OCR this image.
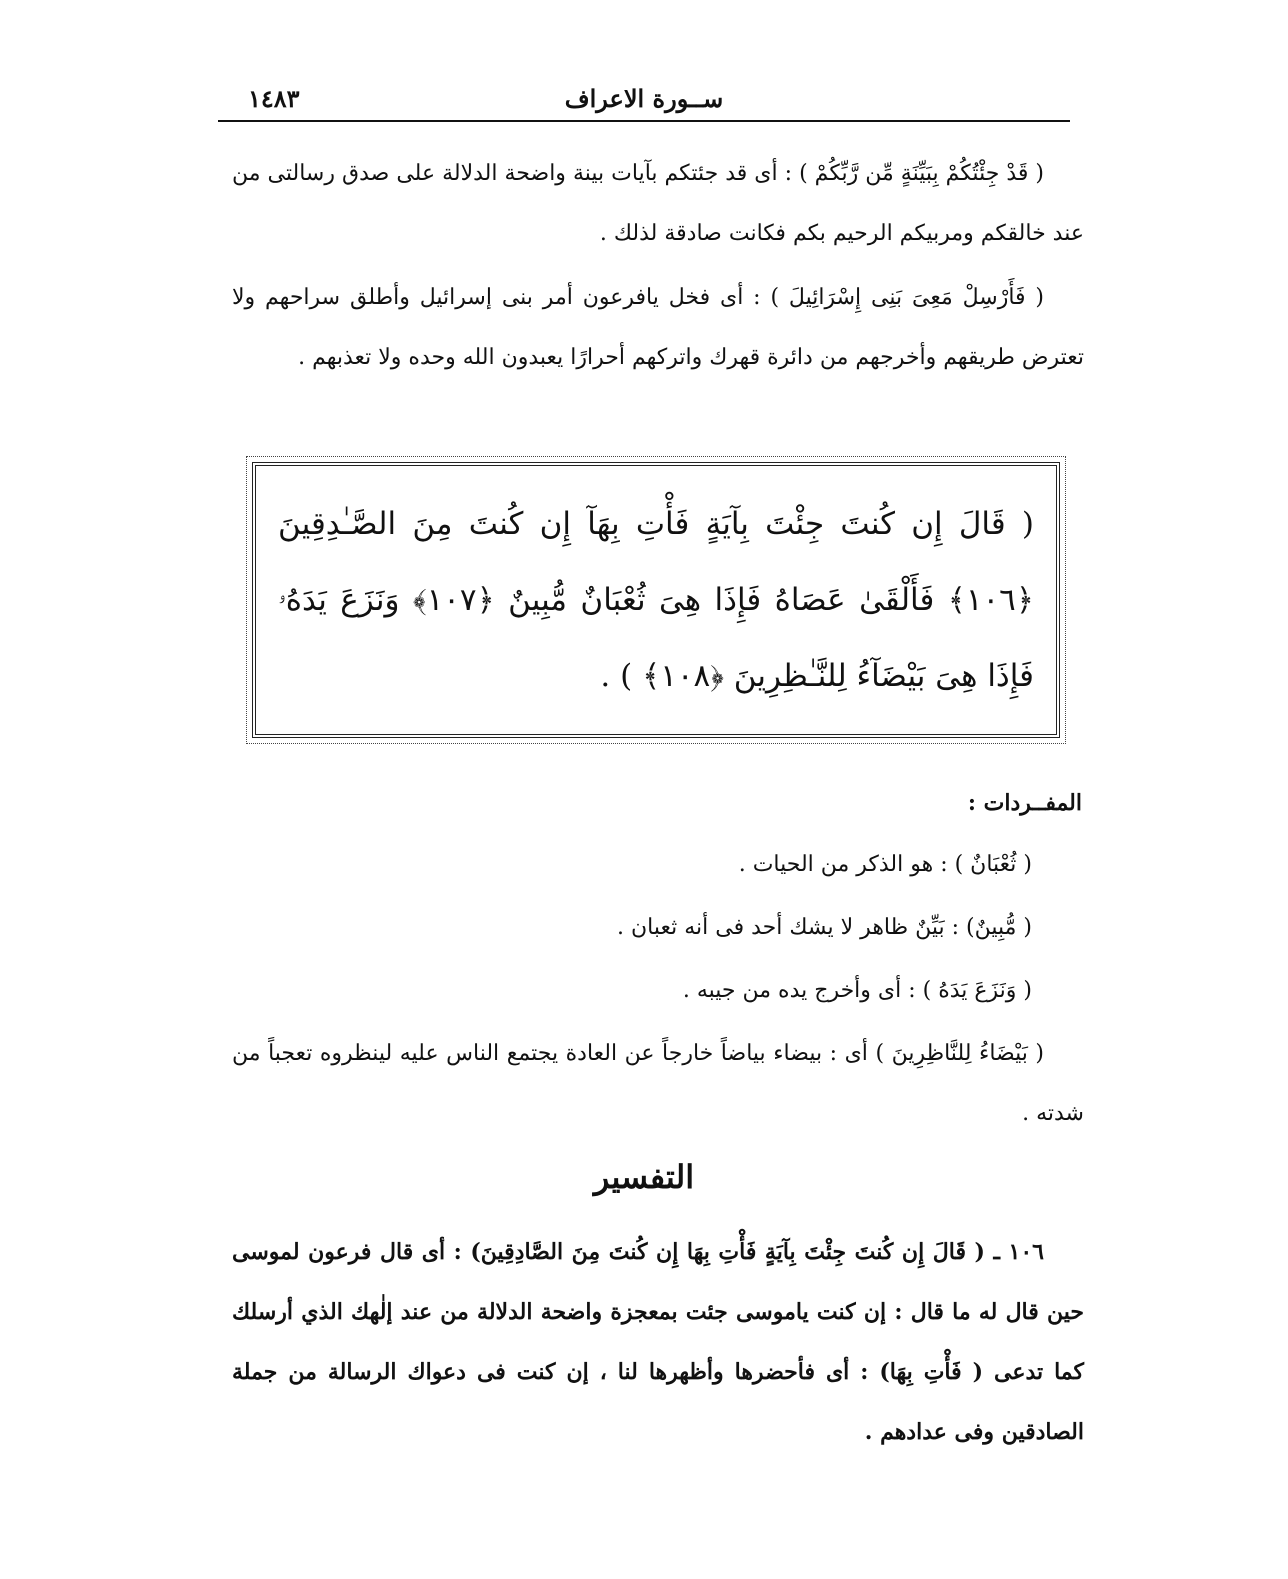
ســورة الاعراف
١٤٨٣
( قَدْ جِئْتُكُمْ بِبَيِّنَةٍ مِّن رَّبِّكُمْ ) : أى قد جئتكم بآيات بينة واضحة الدلالة على صدق رسالتى من عند خالقكم ومربيكم الرحيم بكم فكانت صادقة لذلك .
( فَأَرْسِلْ مَعِىَ بَنِى إِسْرَائِيلَ ) : أى فخل يافرعون أمر بنى إسرائيل وأطلق سراحهم ولا تعترض طريقهم وأخرجهم من دائرة قهرك واتركهم أحرارًا يعبدون الله وحده ولا تعذبهم .
( قَالَ إِن كُنتَ جِئْتَ بِآيَةٍ فَأْتِ بِهَآ إِن كُنتَ مِنَ الصَّـٰدِقِينَ ﴿١٠٦﴾ فَأَلْقَىٰ عَصَاهُ فَإِذَا هِىَ ثُعْبَانٌ مُّبِينٌ ﴿١٠٧﴾ وَنَزَعَ يَدَهُۥ فَإِذَا هِىَ بَيْضَآءُ لِلنَّـٰظِرِينَ ﴿١٠٨﴾ ) .
المفــردات :
( ثُعْبَانٌ ) : هو الذكر من الحيات .
( مُّبِينٌ) : بَيِّنٌ ظاهر لا يشك أحد فى أنه ثعبان .
( وَنَزَعَ يَدَهُ ) : أى وأخرج يده من جيبه .
( بَيْضَاءُ لِلنَّاظِرِينَ ) أى : بيضاء بياضاً خارجاً عن العادة يجتمع الناس عليه لينظروه تعجباً من شدته .
التفسير
١٠٦ ـ ( قَالَ إِن كُنتَ جِئْتَ بِآيَةٍ فَأْتِ بِهَا إِن كُنتَ مِنَ الصَّادِقِينَ) : أى قال فرعون لموسى حين قال له ما قال : إن كنت ياموسى جئت بمعجزة واضحة الدلالة من عند إلٰهك الذي أرسلك كما تدعى ( فَأْتِ بِهَا) : أى فأحضرها وأظهرها لنا ، إن كنت فى دعواك الرسالة من جملة الصادقين وفى عدادهم .
